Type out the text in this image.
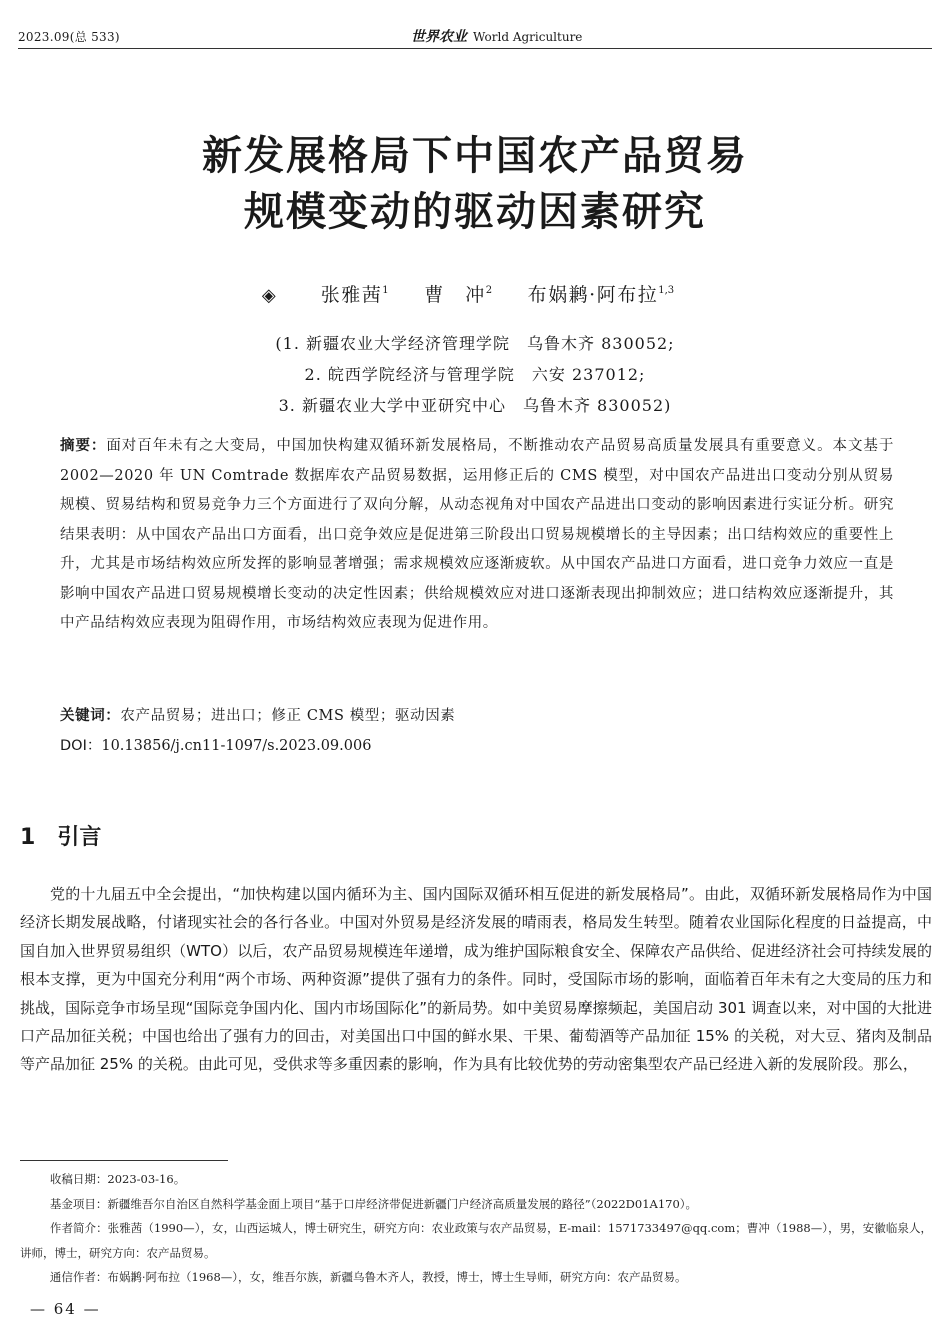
2023.09(总 533)	世界农业 World Agriculture
新发展格局下中国农产品贸易
规模变动的驱动因素研究
◈ 张雅茜$^1$ 曹　冲$^2$ 布娲鹣·阿布拉$^{1,3}$
(1. 新疆农业大学经济管理学院　乌鲁木齐 830052;
2. 皖西学院经济与管理学院　六安 237012;
3. 新疆农业大学中亚研究中心　乌鲁木齐 830052)
摘要：面对百年未有之大变局，中国加快构建双循环新发展格局，不断推动农产品贸易高质量发展具有重要意义。本文基于 2002—2020 年 UN Comtrade 数据库农产品贸易数据，运用修正后的 CMS 模型，对中国农产品进出口变动分别从贸易规模、贸易结构和贸易竞争力三个方面进行了双向分解，从动态视角对中国农产品进出口变动的影响因素进行实证分析。研究结果表明：从中国农产品出口方面看，出口竞争效应是促进第三阶段出口贸易规模增长的主导因素；出口结构效应的重要性上升，尤其是市场结构效应所发挥的影响显著增强；需求规模效应逐渐疲软。从中国农产品进口方面看，进口竞争力效应一直是影响中国农产品进口贸易规模增长变动的决定性因素；供给规模效应对进口逐渐表现出抑制效应；进口结构效应逐渐提升，其中产品结构效应表现为阻碍作用，市场结构效应表现为促进作用。
关键词：农产品贸易；进出口；修正 CMS 模型；驱动因素
DOI：10.13856/j.cn11-1097/s.2023.09.006
1 引言
党的十九届五中全会提出，“加快构建以国内循环为主、国内国际双循环相互促进的新发展格局”。由此，双循环新发展格局作为中国经济长期发展战略，付诸现实社会的各行各业。中国对外贸易是经济发展的晴雨表，格局发生转型。随着农业国际化程度的日益提高，中国自加入世界贸易组织（WTO）以后，农产品贸易规模连年递增，成为维护国际粮食安全、保障农产品供给、促进经济社会可持续发展的根本支撑，更为中国充分利用“两个市场、两种资源”提供了强有力的条件。同时，受国际市场的影响，面临着百年未有之大变局的压力和挑战，国际竞争市场呈现“国际竞争国内化、国内市场国际化”的新局势。如中美贸易摩擦频起，美国启动 301 调查以来，对中国的大批进口产品加征关税；中国也给出了强有力的回击，对美国出口中国的鲜水果、干果、葡萄酒等产品加征 15% 的关税，对大豆、猪肉及制品等产品加征 25% 的关税。由此可见，受供求等多重因素的影响，作为具有比较优势的劳动密集型农产品已经进入新的发展阶段。那么，

收稿日期：2023-03-16。

基金项目：新疆维吾尔自治区自然科学基金面上项目“基于口岸经济带促进新疆门户经济高质量发展的路径”（2022D01A170）。

作者简介：张雅茜（1990—），女，山西运城人，博士研究生，研究方向：农业政策与农产品贸易，E-mail：1571733497@qq.com；曹冲（1988—），男，安徽临泉人，讲师，博士，研究方向：农产品贸易。

通信作者：布娲鹣·阿布拉（1968—），女，维吾尔族，新疆乌鲁木齐人，教授，博士，博士生导师，研究方向：农产品贸易。

— 64 —
